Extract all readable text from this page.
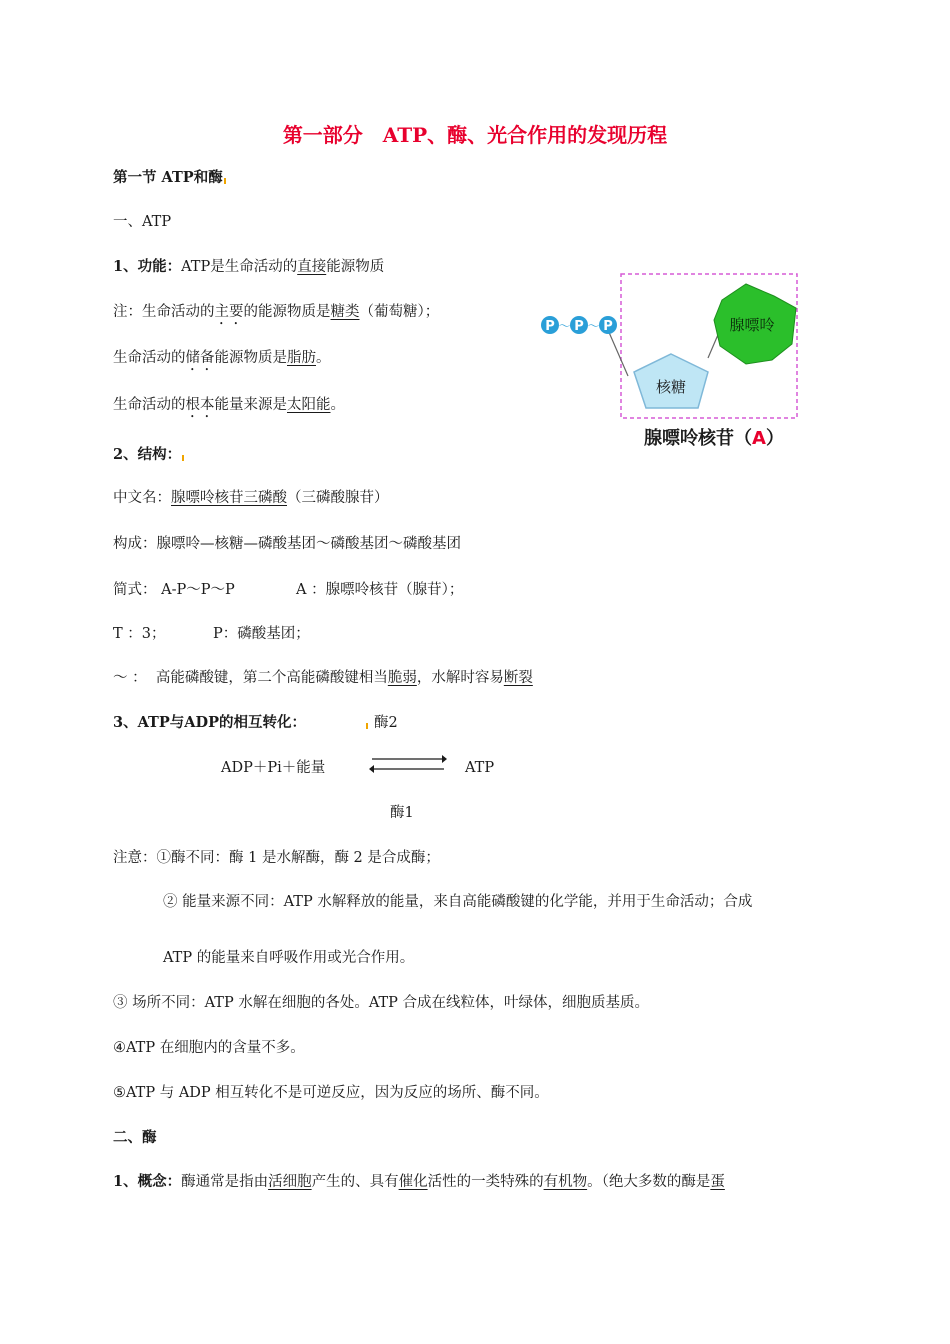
第一部分　ATP、酶、光合作用的发现历程
第一节 ATP和酶
一、ATP
1、功能：ATP是生命活动的直接能源物质
注：生命活动的主要的能源物质是糖类（葡萄糖）；
生命活动的储备能源物质是脂肪。
生命活动的根本能量来源是太阳能。
腺嘌呤
核糖
P P P
～ ～
腺嘌呤核苷（A）
2、结构：
中文名：腺嘌呤核苷三磷酸（三磷酸腺苷）
构成：腺嘌呤—核糖—磷酸基团～磷酸基团～磷酸基团
简式： A-P～P～P	A ：腺嘌呤核苷（腺苷）；
T ：3；	P：磷酸基团；
～ ： 高能磷酸键，第二个高能磷酸键相当脆弱，水解时容易断裂
3、ATP与ADP的相互转化：	酶2
ADP＋Pi＋能量	ATP
酶1
注意：①酶不同：酶 1 是水解酶，酶 2 是合成酶；
② 能量来源不同：ATP 水解释放的能量，来自高能磷酸键的化学能，并用于生命活动；合成
ATP 的能量来自呼吸作用或光合作用。
③ 场所不同：ATP 水解在细胞的各处。ATP 合成在线粒体，叶绿体，细胞质基质。
④ATP 在细胞内的含量不多。
⑤ATP 与 ADP 相互转化不是可逆反应，因为反应的场所、酶不同。
二、酶
1、概念：酶通常是指由活细胞产生的、具有催化活性的一类特殊的有机物。（绝大多数的酶是蛋
